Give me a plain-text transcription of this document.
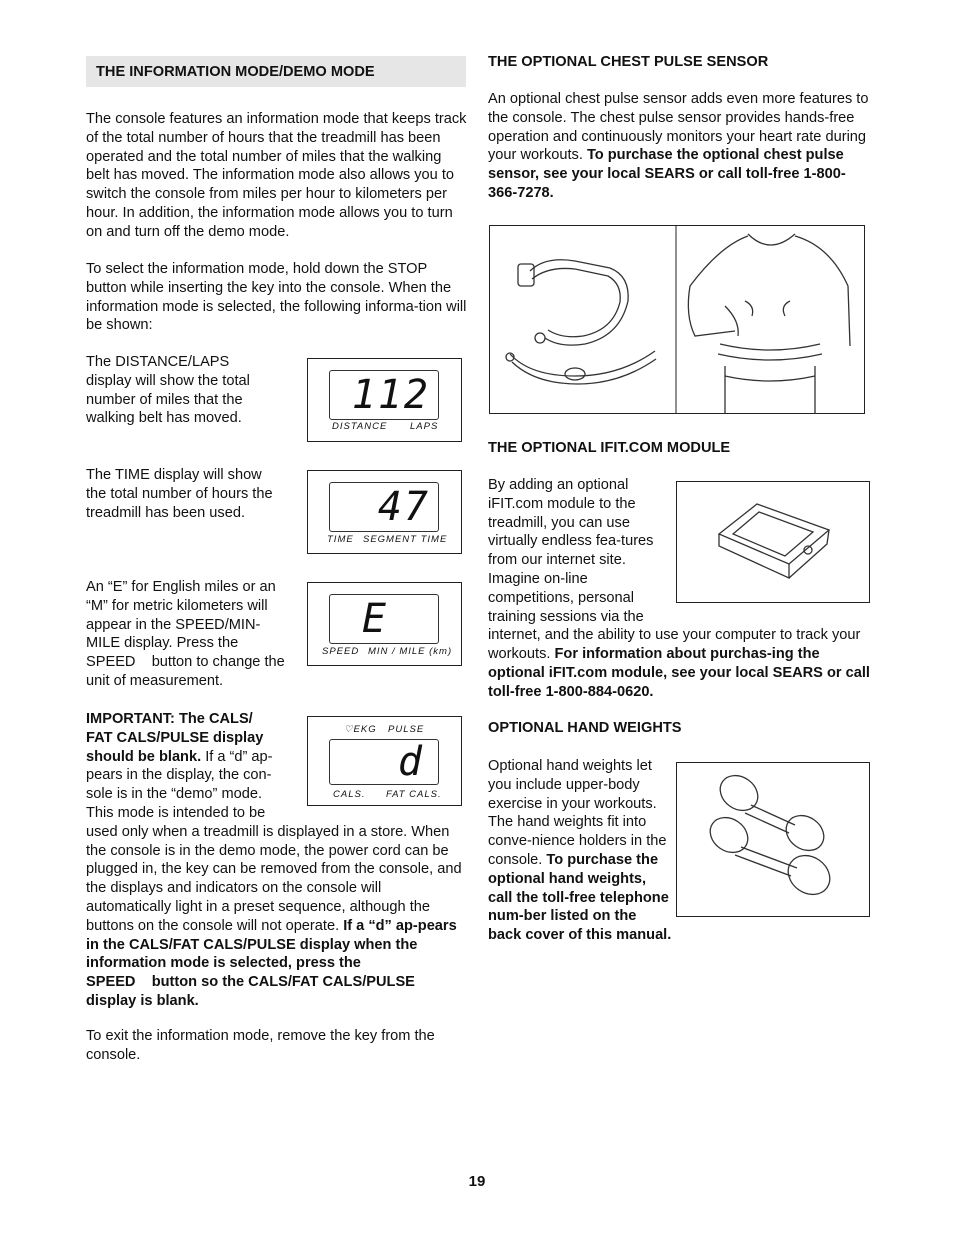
THE INFORMATION MODE/DEMO MODE

The console features an information mode that keeps track of the total number of hours that the treadmill has been operated and the total number of miles that the walking belt has moved. The information mode also allows you to switch the console from miles per hour to kilometers per hour. In addition, the information mode allows you to turn on and turn off the demo mode.

To select the information mode, hold down the STOP button while inserting the key into the console. When the information mode is selected, the following informa-tion will be shown:

The DISTANCE/LAPS display will show the total number of miles that the walking belt has moved.

The TIME display will show the total number of hours the treadmill has been used.

An “E” for English miles or an “M” for metric kilometers will appear in the SPEED/MIN-MILE display. Press the SPEED    button to change the unit of measurement.

IMPORTANT: The CALS/ FAT CALS/PULSE display should be blank. If a “d” ap-pears in the display, the con-sole is in the “demo” mode. This mode is intended to be used only when a treadmill is displayed in a store. When the console is in the demo mode, the power cord can be plugged in, the key can be removed from the console, and the displays and indicators on the console will automatically light in a preset sequence, although the buttons on the console will not operate. If a “d” ap-pears in the CALS/FAT CALS/PULSE display when the information mode is selected, press the SPEED    button so the CALS/FAT CALS/PULSE display is blank.

To exit the information mode, remove the key from the console.

112
DISTANCE LAPS
47
TIME SEGMENT TIME
E
SPEED MIN / MILE (km)
♡EKG PULSE
d
CALS. FAT CALS.

THE OPTIONAL CHEST PULSE SENSOR

An optional chest pulse sensor adds even more features to the console. The chest pulse sensor provides hands-free operation and continuously monitors your heart rate during your workouts. To purchase the optional chest pulse sensor, see your local SEARS or call toll-free 1-800-366-7278.

THE OPTIONAL IFIT.COM MODULE

By adding an optional iFIT.com module to the treadmill, you can use virtually endless fea-tures from our internet site. Imagine on-line competitions, personal training sessions via the internet, and the ability to use your computer to track your workouts. For information about purchas-ing the optional iFIT.com module, see your local SEARS or call toll-free 1-800-884-0620.

OPTIONAL HAND WEIGHTS

Optional hand weights let you include upper-body exercise in your workouts. The hand weights fit into conve-nience holders in the console. To purchase the optional hand weights, call the toll-free telephone num-ber listed on the back cover of this manual.

19
